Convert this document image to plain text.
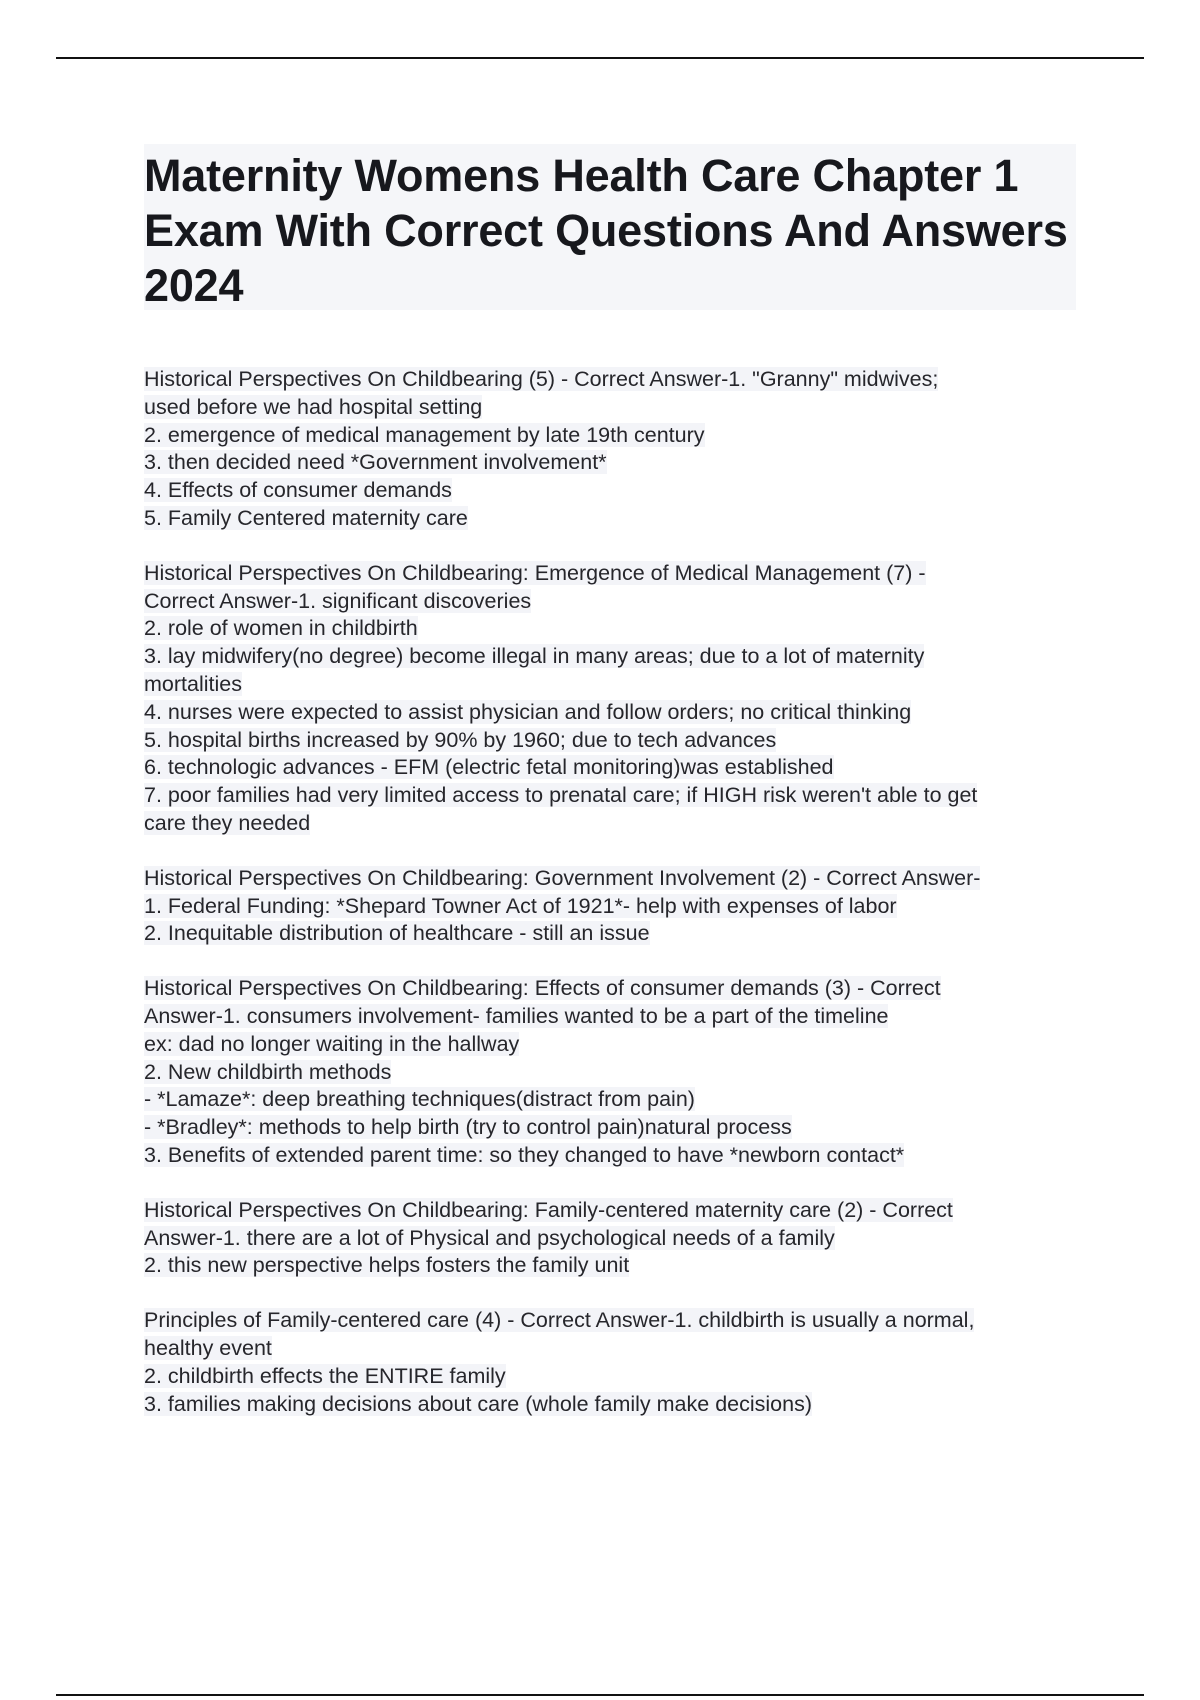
Maternity Womens Health Care Chapter 1 Exam With Correct Questions And Answers 2024
Historical Perspectives On Childbearing (5) - Correct Answer-1. "Granny" midwives;
used before we had hospital setting
2. emergence of medical management by late 19th century
3. then decided need *Government involvement*
4. Effects of consumer demands
5. Family Centered maternity care
Historical Perspectives On Childbearing: Emergence of Medical Management (7) -
Correct Answer-1. significant discoveries
2. role of women in childbirth
3. lay midwifery(no degree) become illegal in many areas; due to a lot of maternity
mortalities
4. nurses were expected to assist physician and follow orders; no critical thinking
5. hospital births increased by 90% by 1960; due to tech advances
6. technologic advances - EFM (electric fetal monitoring)was established
7. poor families had very limited access to prenatal care; if HIGH risk weren't able to get
care they needed
Historical Perspectives On Childbearing: Government Involvement (2) - Correct Answer-
1. Federal Funding: *Shepard Towner Act of 1921*- help with expenses of labor
2. Inequitable distribution of healthcare - still an issue
Historical Perspectives On Childbearing: Effects of consumer demands (3) - Correct
Answer-1. consumers involvement- families wanted to be a part of the timeline
ex: dad no longer waiting in the hallway
2. New childbirth methods
- *Lamaze*: deep breathing techniques(distract from pain)
- *Bradley*: methods to help birth (try to control pain)natural process
3. Benefits of extended parent time: so they changed to have *newborn contact*
Historical Perspectives On Childbearing: Family-centered maternity care (2) - Correct
Answer-1. there are a lot of Physical and psychological needs of a family
2. this new perspective helps fosters the family unit
Principles of Family-centered care (4) - Correct Answer-1. childbirth is usually a normal,
healthy event
2. childbirth effects the ENTIRE family
3. families making decisions about care (whole family make decisions)
